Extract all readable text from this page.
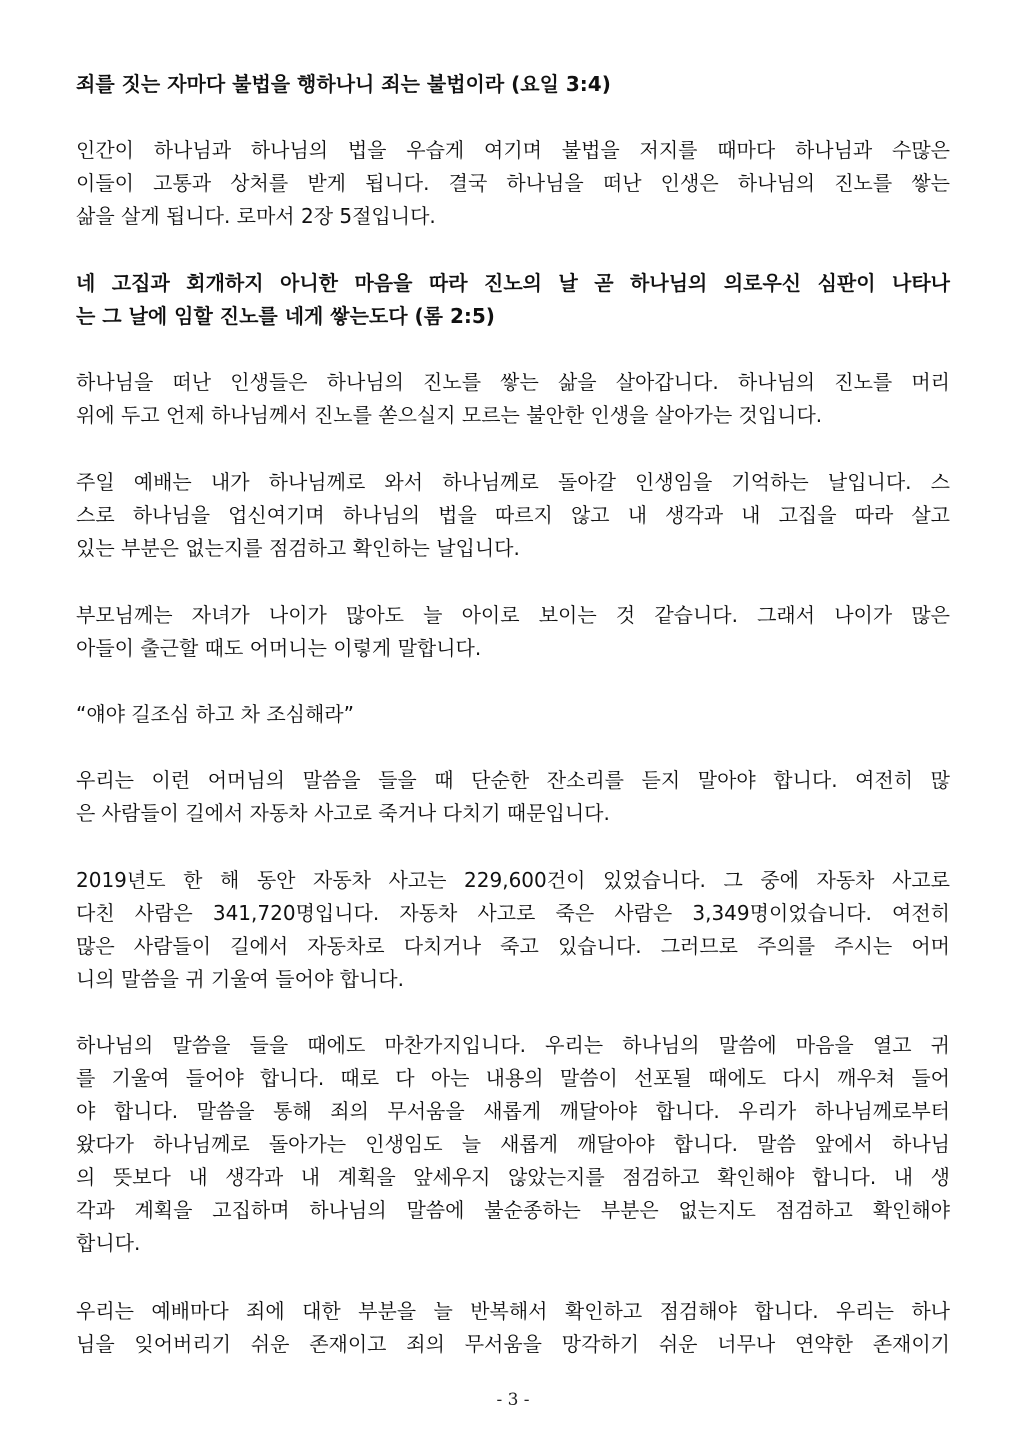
죄를 짓는 자마다 불법을 행하나니 죄는 불법이라 (요일 3:4)

인간이 하나님과 하나님의 법을 우습게 여기며 불법을 저지를 때마다 하나님과 수많은
이들이 고통과 상처를 받게 됩니다. 결국 하나님을 떠난 인생은 하나님의 진노를 쌓는
삶을 살게 됩니다. 로마서 2장 5절입니다.

네 고집과 회개하지 아니한 마음을 따라 진노의 날 곧 하나님의 의로우신 심판이 나타나
는 그 날에 임할 진노를 네게 쌓는도다 (롬 2:5)

하나님을 떠난 인생들은 하나님의 진노를 쌓는 삶을 살아갑니다. 하나님의 진노를 머리
위에 두고 언제 하나님께서 진노를 쏟으실지 모르는 불안한 인생을 살아가는 것입니다.

주일 예배는 내가 하나님께로 와서 하나님께로 돌아갈 인생임을 기억하는 날입니다. 스
스로 하나님을 업신여기며 하나님의 법을 따르지 않고 내 생각과 내 고집을 따라 살고
있는 부분은 없는지를 점검하고 확인하는 날입니다.

부모님께는 자녀가 나이가 많아도 늘 아이로 보이는 것 같습니다. 그래서 나이가 많은
아들이 출근할 때도 어머니는 이렇게 말합니다.

“얘야 길조심 하고 차 조심해라”

우리는 이런 어머님의 말씀을 들을 때 단순한 잔소리를 듣지 말아야 합니다. 여전히 많
은 사람들이 길에서 자동차 사고로 죽거나 다치기 때문입니다.

2019년도 한 해 동안 자동차 사고는 229,600건이 있었습니다. 그 중에 자동차 사고로
다친 사람은 341,720명입니다. 자동차 사고로 죽은 사람은 3,349명이었습니다. 여전히
많은 사람들이 길에서 자동차로 다치거나 죽고 있습니다. 그러므로 주의를 주시는 어머
니의 말씀을 귀 기울여 들어야 합니다.

하나님의 말씀을 들을 때에도 마찬가지입니다. 우리는 하나님의 말씀에 마음을 열고 귀
를 기울여 들어야 합니다. 때로 다 아는 내용의 말씀이 선포될 때에도 다시 깨우쳐 들어
야 합니다. 말씀을 통해 죄의 무서움을 새롭게 깨달아야 합니다. 우리가 하나님께로부터
왔다가 하나님께로 돌아가는 인생임도 늘 새롭게 깨달아야 합니다. 말씀 앞에서 하나님
의 뜻보다 내 생각과 내 계획을 앞세우지 않았는지를 점검하고 확인해야 합니다. 내 생
각과 계획을 고집하며 하나님의 말씀에 불순종하는 부분은 없는지도 점검하고 확인해야
합니다.

우리는 예배마다 죄에 대한 부분을 늘 반복해서 확인하고 점검해야 합니다. 우리는 하나
님을 잊어버리기 쉬운 존재이고 죄의 무서움을 망각하기 쉬운 너무나 연약한 존재이기

- 3 -
